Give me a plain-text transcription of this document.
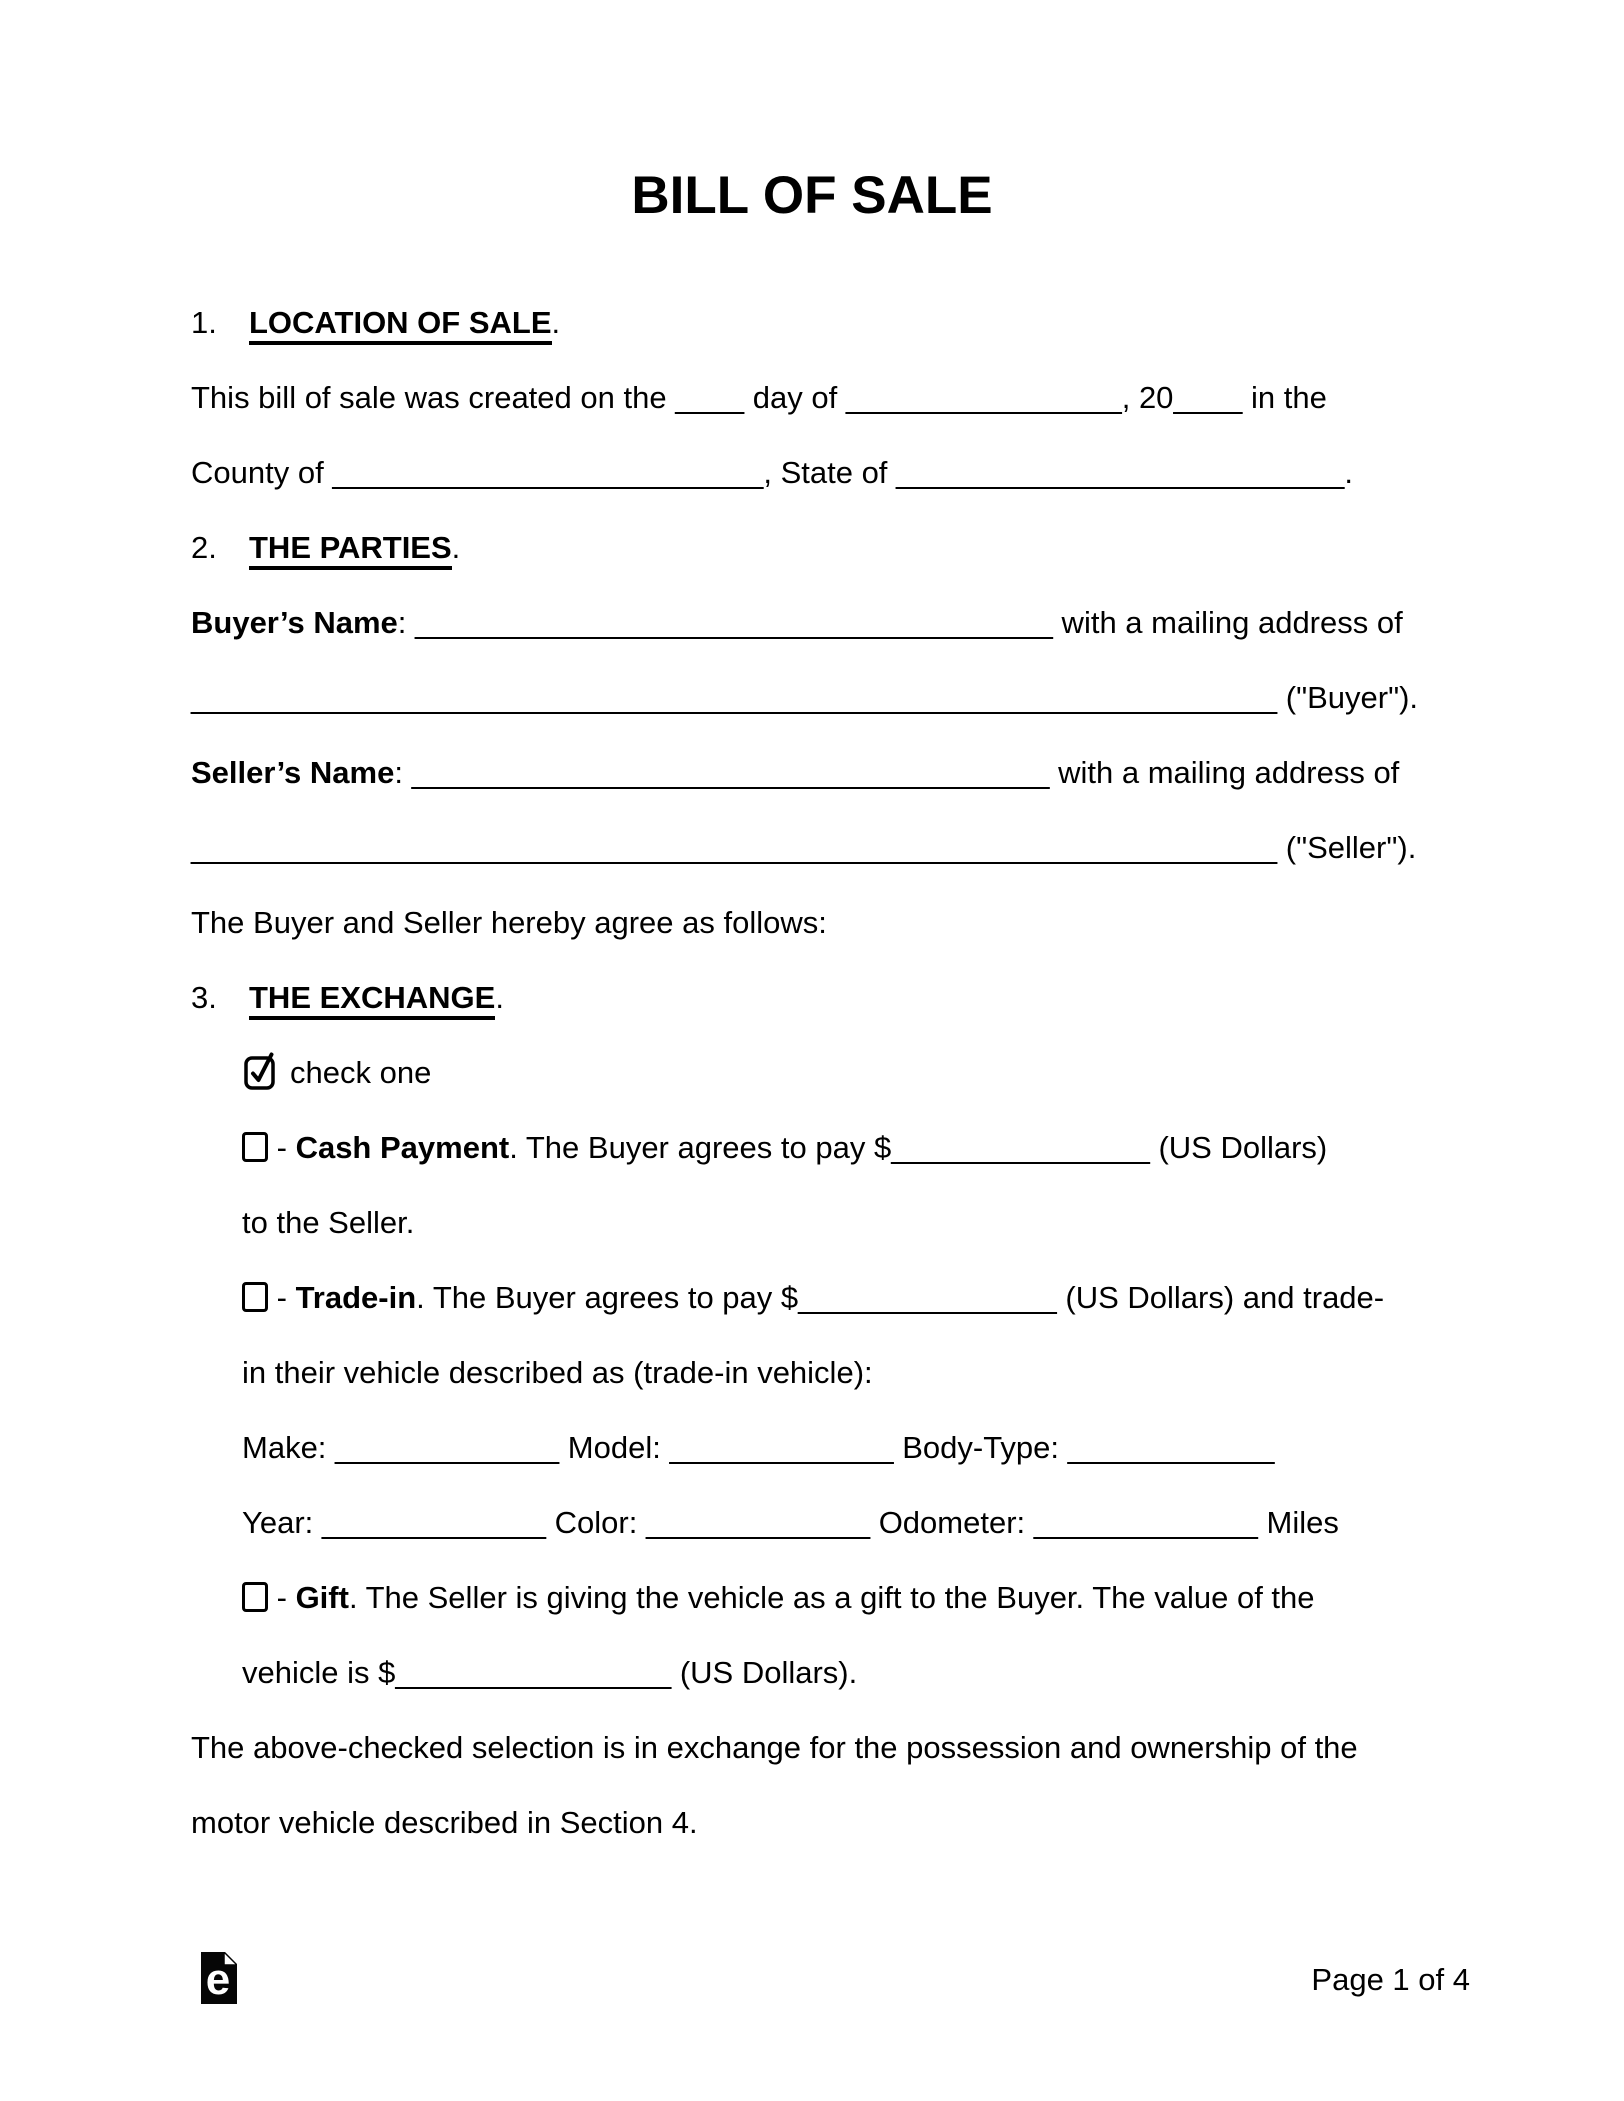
BILL OF SALE
1. LOCATION OF SALE.
This bill of sale was created on the ____ day of ________________, 20____ in the
County of _________________________, State of __________________________.
2. THE PARTIES.
Buyer’s Name: _____________________________________ with a mailing address of
_______________________________________________________________ ("Buyer").
Seller’s Name: _____________________________________ with a mailing address of
_______________________________________________________________ ("Seller").
The Buyer and Seller hereby agree as follows:
3. THE EXCHANGE.
check one
- Cash Payment. The Buyer agrees to pay $_______________ (US Dollars)
to the Seller.
- Trade-in. The Buyer agrees to pay $_______________ (US Dollars) and trade-
in their vehicle described as (trade-in vehicle):
Make: _____________ Model: _____________ Body-Type: ____________
Year: _____________ Color: _____________ Odometer: _____________ Miles
- Gift. The Seller is giving the vehicle as a gift to the Buyer. The value of the
vehicle is $________________ (US Dollars).
The above-checked selection is in exchange for the possession and ownership of the
motor vehicle described in Section 4.
e	Page 1 of 4
